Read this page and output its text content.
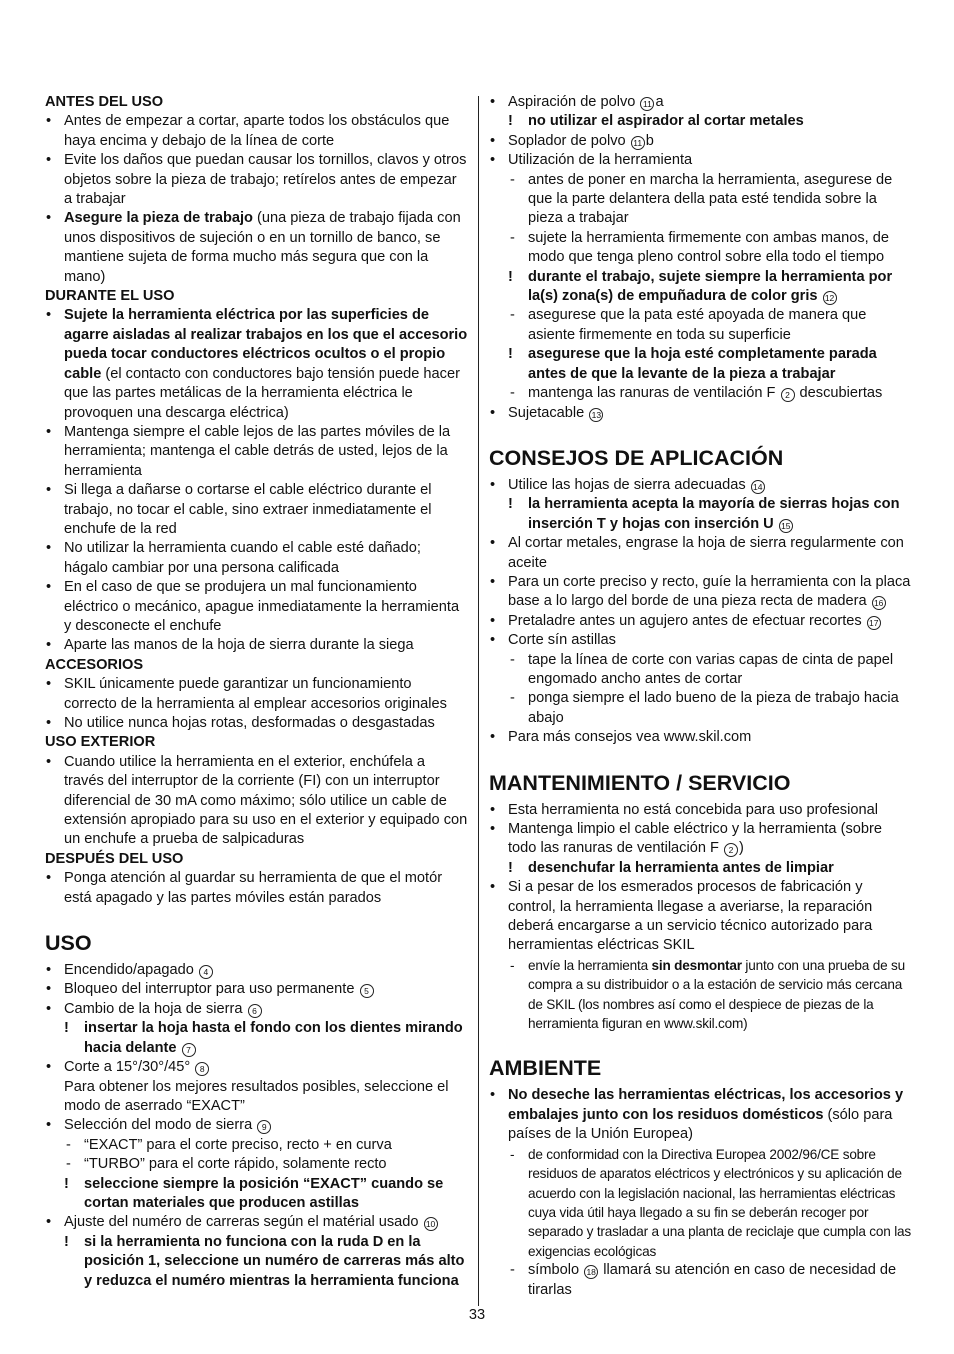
ANTES DEL USO
• Antes de empezar a cortar, aparte todos los obstáculos que haya encima y debajo de la línea de corte
• Evite los daños que puedan causar los tornillos, clavos y otros objetos sobre la pieza de trabajo; retírelos antes de empezar a trabajar
• Asegure la pieza de trabajo (una pieza de trabajo fijada con unos dispositivos de sujeción o en un tornillo de banco, se mantiene sujeta de forma mucho más segura que con la mano)
DURANTE EL USO
• Sujete la herramienta eléctrica por las superficies de agarre aisladas al realizar trabajos en los que el accesorio pueda tocar conductores eléctricos ocultos o el propio cable (el contacto con conductores bajo tensión puede hacer que las partes metálicas de la herramienta eléctrica le provoquen una descarga eléctrica)
• Mantenga siempre el cable lejos de las partes móviles de la herramienta; mantenga el cable detrás de usted, lejos de la herramienta
• Si llega a dañarse o cortarse el cable eléctrico durante el trabajo, no tocar el cable, sino extraer inmediatamente el enchufe de la red
• No utilizar la herramienta cuando el cable esté dañado; hágalo cambiar por una persona calificada
• En el caso de que se produjera un mal funcionamiento eléctrico o mecánico, apague inmediatamente la herramienta y desconecte el enchufe
• Aparte las manos de la hoja de sierra durante la siega
ACCESORIOS
• SKIL únicamente puede garantizar un funcionamiento correcto de la herramienta al emplear accesorios originales
• No utilice nunca hojas rotas, desformadas o desgastadas
USO EXTERIOR
• Cuando utilice la herramienta en el exterior, enchúfela a través del interruptor de la corriente (FI) con un interruptor diferencial de 30 mA como máximo; sólo utilice un cable de extensión apropiado para su uso en el exterior y equipado con un enchufe a prueba de salpicaduras
DESPUÉS DEL USO
• Ponga atención al guardar su herramienta de que el motór está apagado y las partes móviles están parados
USO
• Encendido/apagado 4
• Bloqueo del interruptor para uso permanente 5
• Cambio de la hoja de sierra 6
! insertar la hoja hasta el fondo con los dientes mirando hacia delante 7
• Corte a 15°/30°/45° 8
Para obtener los mejores resultados posibles, seleccione el modo de aserrado “EXACT”
• Selección del modo de sierra 9
- “EXACT” para el corte preciso, recto + en curva
- “TURBO” para el corte rápido, solamente recto
! seleccione siempre la posición “EXACT” cuando se cortan materiales que producen astillas
• Ajuste del numéro de carreras según el matérial usado 10
! si la herramienta no funciona con la ruda D en la posición 1, seleccione un numéro de carreras más alto y reduzca el numéro mientras la herramienta funciona
• Aspiración de polvo 11 a
! no utilizar el aspirador al cortar metales
• Soplador de polvo 11 b
• Utilización de la herramienta
- antes de poner en marcha la herramienta, asegurese de que la parte delantera della pata esté tendida sobre la pieza a trabajar
- sujete la herramienta firmemente con ambas manos, de modo que tenga pleno control sobre ella todo el tiempo
! durante el trabajo, sujete siempre la herramienta por la(s) zona(s) de empuñadura de color gris 12
- asegurese que la pata esté apoyada de manera que asiente firmemente en toda su superficie
! asegurese que la hoja esté completamente parada antes de que la levante de la pieza a trabajar
- mantenga las ranuras de ventilación F 2 descubiertas
• Sujetacable 13
CONSEJOS DE APLICACIÓN
• Utilice las hojas de sierra adecuadas 14
! la herramienta acepta la mayoría de sierras hojas con inserción T y hojas con inserción U 15
• Al cortar metales, engrase la hoja de sierra regularmente con aceite
• Para un corte preciso y recto, guíe la herramienta con la placa base a lo largo del borde de una pieza recta de madera 16
• Pretaladre antes un agujero antes de efectuar recortes 17
• Corte sín astillas
- tape la línea de corte con varias capas de cinta de papel engomado ancho antes de cortar
- ponga siempre el lado bueno de la pieza de trabajo hacia abajo
• Para más consejos vea www.skil.com
MANTENIMIENTO / SERVICIO
• Esta herramienta no está concebida para uso profesional
• Mantenga limpio el cable eléctrico y la herramienta (sobre todo las ranuras de ventilación F 2 )
! desenchufar la herramienta antes de limpiar
• Si a pesar de los esmerados procesos de fabricación y control, la herramienta llegase a averiarse, la reparación deberá encargarse a un servicio técnico autorizado para herramientas eléctricas SKIL
- envíe la herramienta sin desmontar junto con una prueba de su compra a su distribuidor o a la estación de servicio más cercana de SKIL (los nombres así como el despiece de piezas de la herramienta figuran en www.skil.com)
AMBIENTE
• No deseche las herramientas eléctricas, los accesorios y embalajes junto con los residuos domésticos (sólo para países de la Unión Europea)
- de conformidad con la Directiva Europea 2002/96/CE sobre residuos de aparatos eléctricos y electrónicos y su aplicación de acuerdo con la legislación nacional, las herramientas eléctricas cuya vida útil haya llegado a su fin se deberán recoger por separado y trasladar a una planta de reciclaje que cumpla con las exigencias ecológicas
- símbolo 18 llamará su atención en caso de necesidad de tirarlas
33
